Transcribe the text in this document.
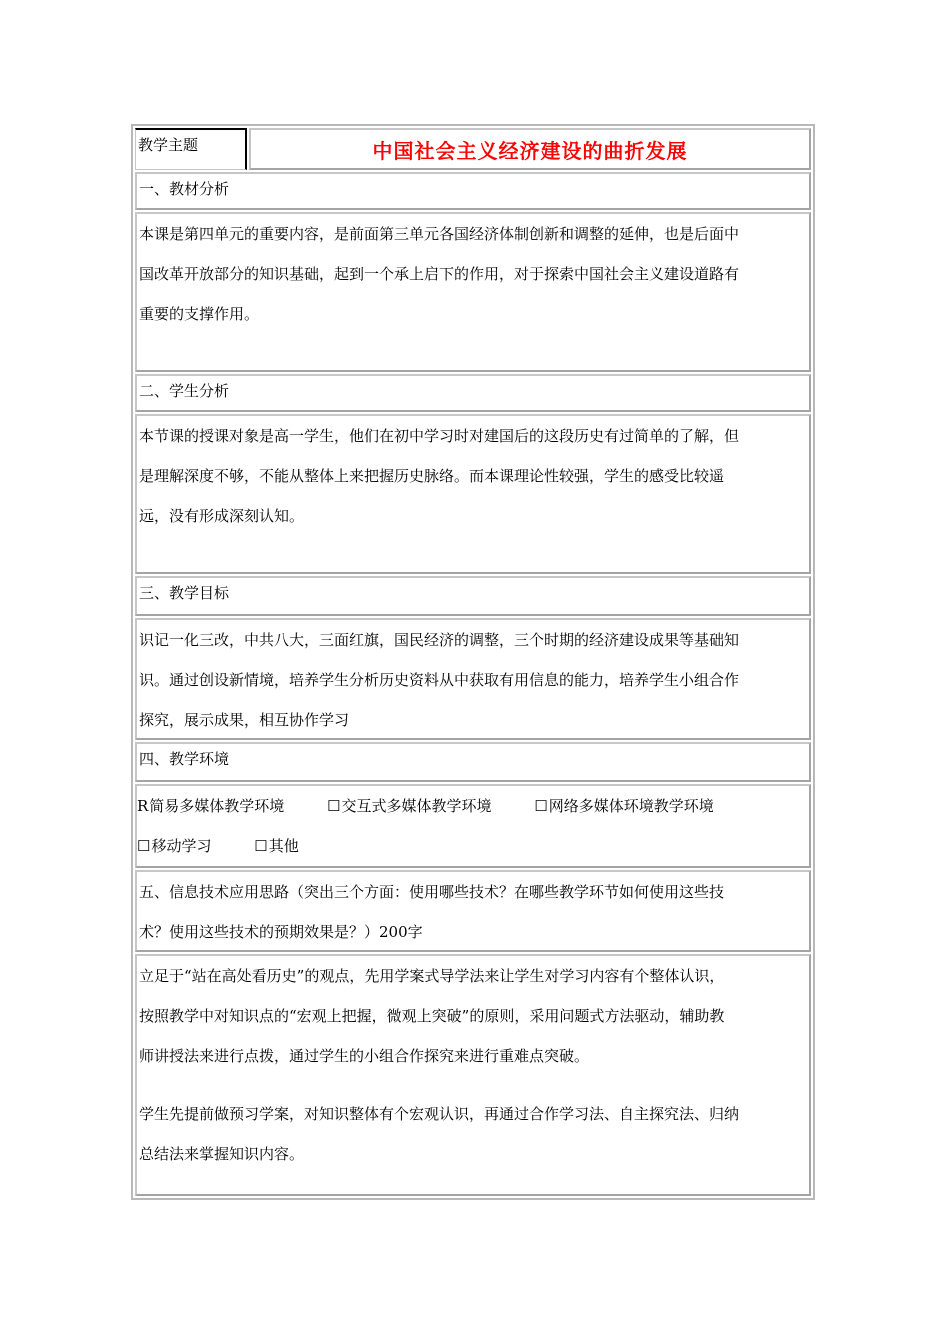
教学主题	中国社会主义经济建设的曲折发展
一、教材分析
本课是第四单元的重要内容，是前面第三单元各国经济体制创新和调整的延伸，也是后面中
国改革开放部分的知识基础，起到一个承上启下的作用，对于探索中国社会主义建设道路有
重要的支撑作用。
二、学生分析
本节课的授课对象是高一学生，他们在初中学习时对建国后的这段历史有过简单的了解，但
是理解深度不够，不能从整体上来把握历史脉络。而本课理论性较强，学生的感受比较遥
远，没有形成深刻认知。
三、教学目标
识记一化三改，中共八大，三面红旗，国民经济的调整，三个时期的经济建设成果等基础知
识。通过创设新情境，培养学生分析历史资料从中获取有用信息的能力，培养学生小组合作
探究，展示成果，相互协作学习
四、教学环境
R简易多媒体教学环境	☐交互式多媒体教学环境	☐网络多媒体环境教学环境
☐移动学习	☐其他
五、信息技术应用思路（突出三个方面：使用哪些技术？在哪些教学环节如何使用这些技
术？使用这些技术的预期效果是？）200字
立足于“站在高处看历史”的观点，先用学案式导学法来让学生对学习内容有个整体认识，
按照教学中对知识点的“宏观上把握，微观上突破”的原则，采用问题式方法驱动，辅助教
师讲授法来进行点拨，通过学生的小组合作探究来进行重难点突破。
学生先提前做预习学案，对知识整体有个宏观认识，再通过合作学习法、自主探究法、归纳
总结法来掌握知识内容。
